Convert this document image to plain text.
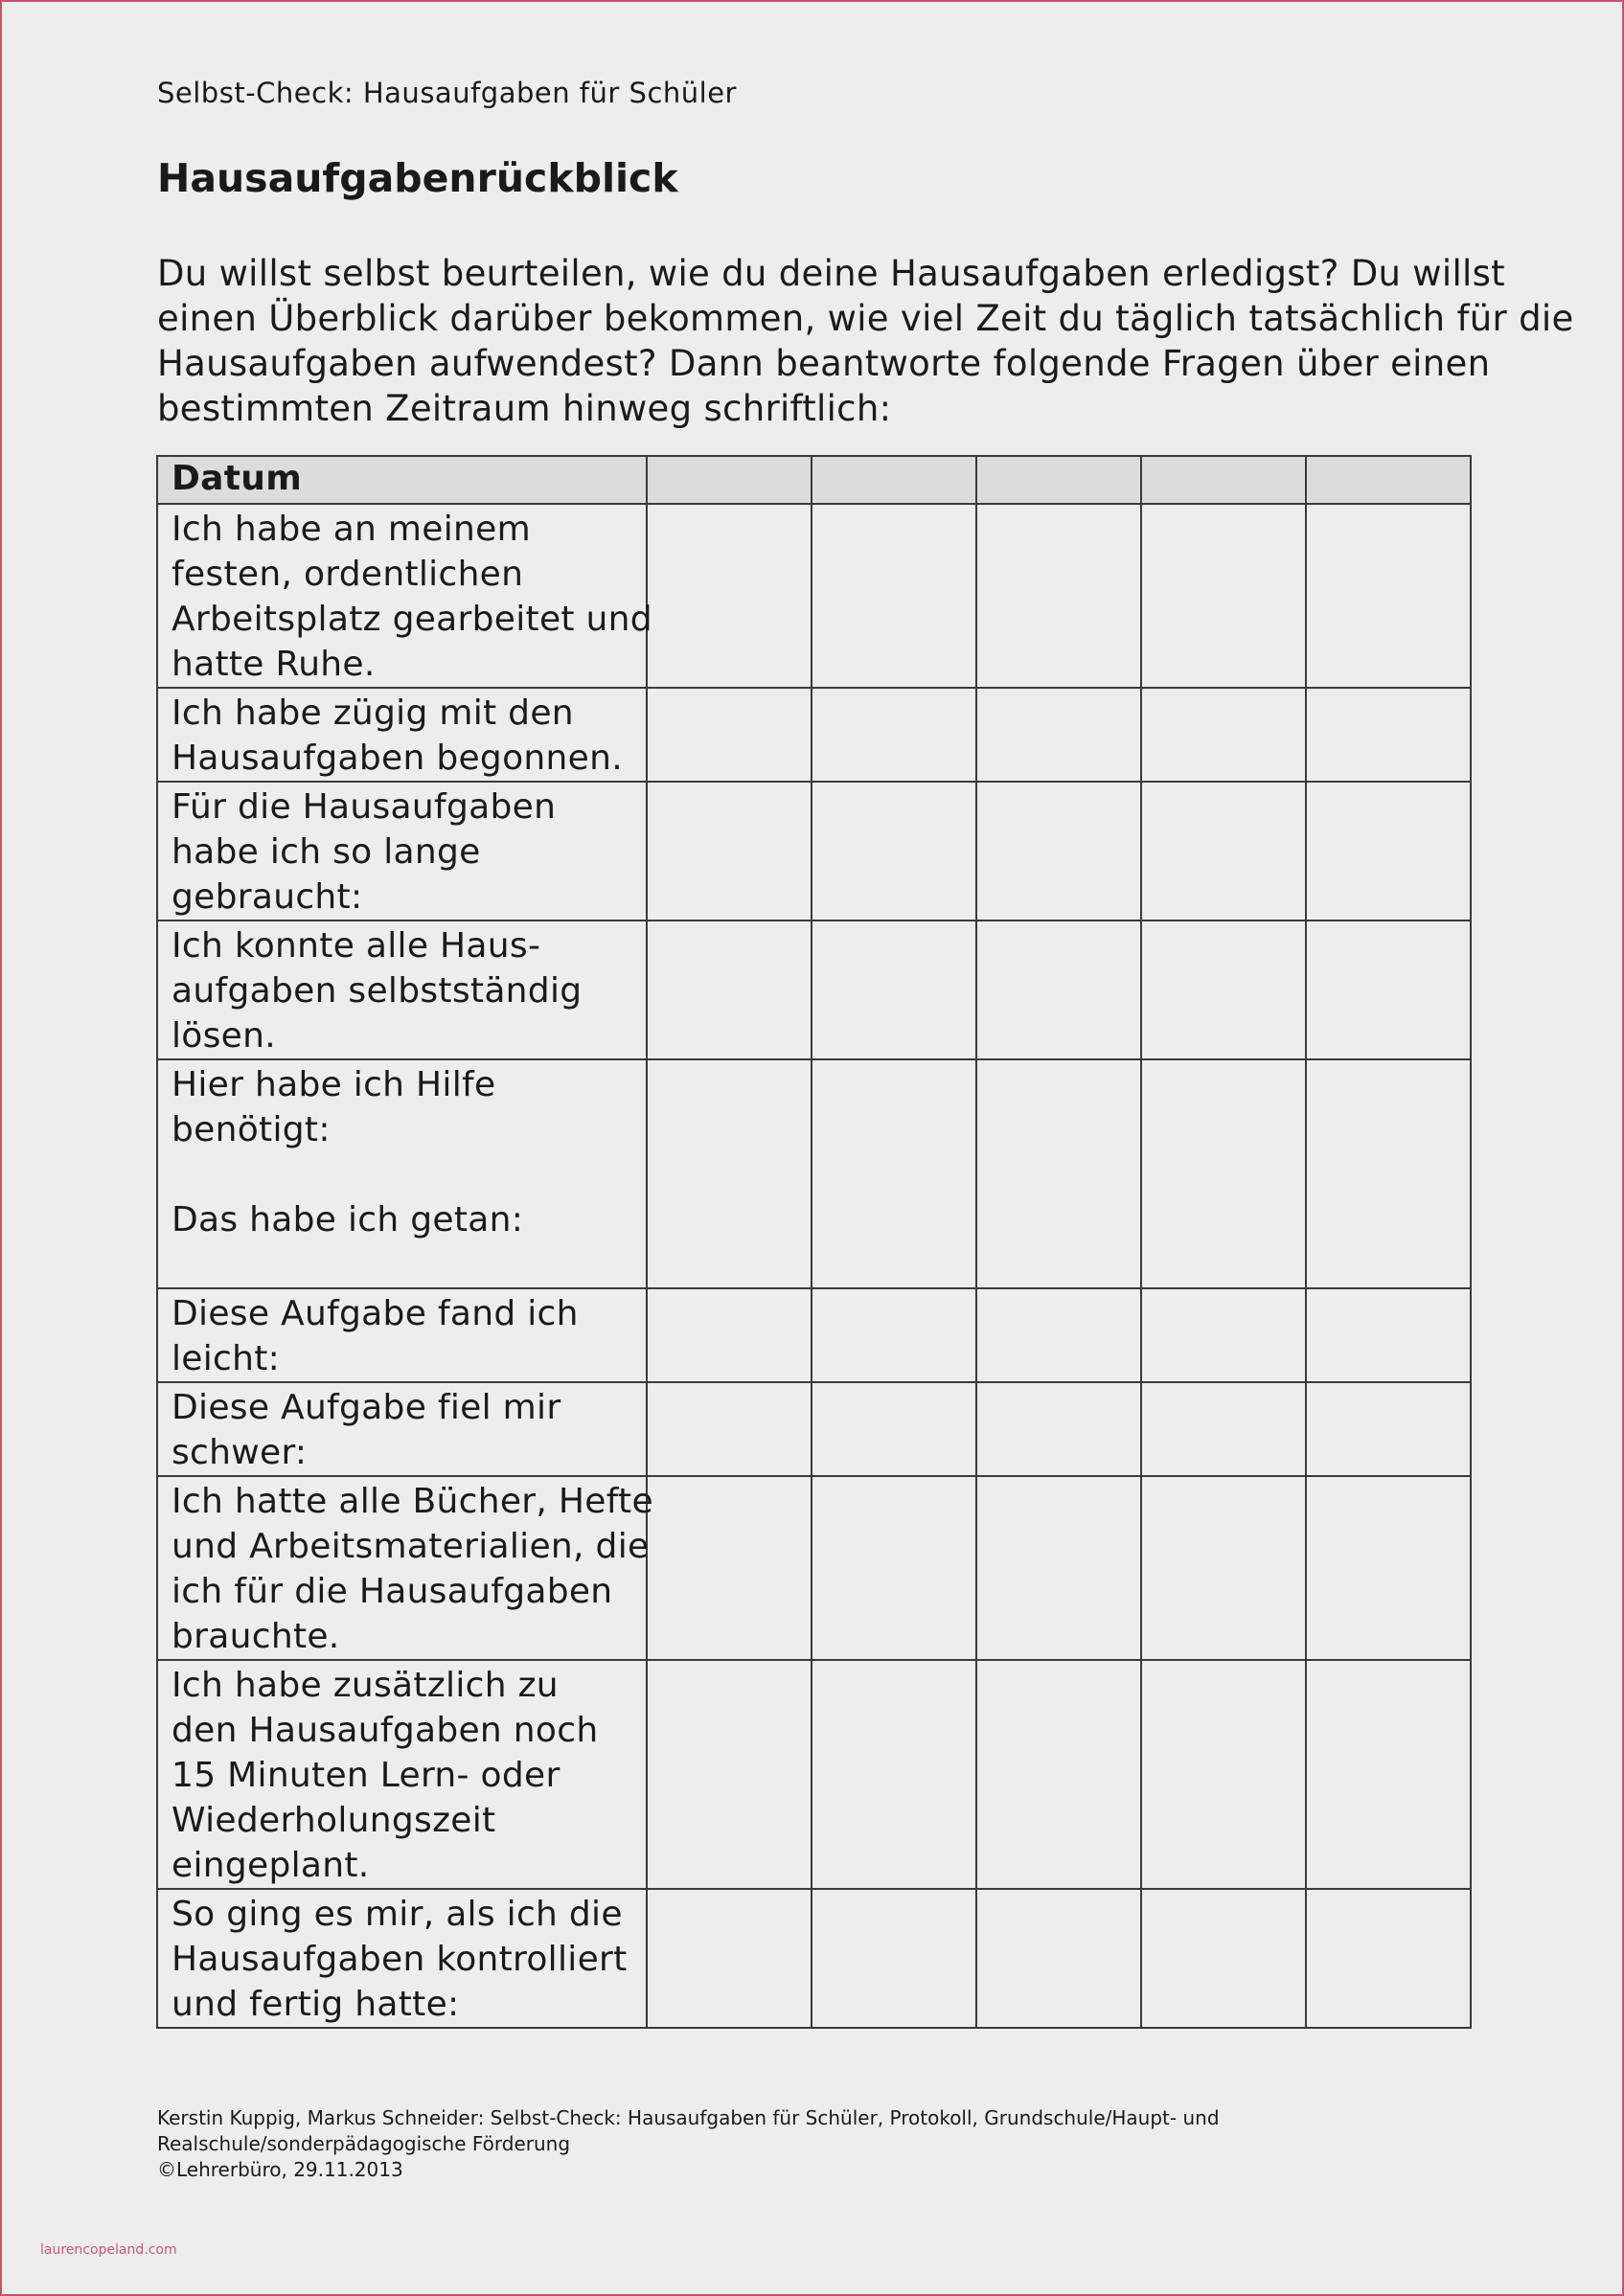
Selbst-Check: Hausaufgaben für Schüler
Hausaufgabenrückblick
Du willst selbst beurteilen, wie du deine Hausaufgaben erledigst? Du willst
einen Überblick darüber bekommen, wie viel Zeit du täglich tatsächlich für die
Hausaufgaben aufwendest? Dann beantworte folgende Fragen über einen
bestimmten Zeitraum hinweg schriftlich:
Datum					

Ich habe an meinem
festen, ordentlichen
Arbeitsplatz gearbeitet und
hatte Ruhe.					

Ich habe zügig mit den
Hausaufgaben begonnen.					

Für die Hausaufgaben
habe ich so lange
gebraucht:					

Ich konnte alle Haus-
aufgaben selbstständig
lösen.					

Hier habe ich Hilfe
benötigt:

Das habe ich getan:					

Diese Aufgabe fand ich
leicht:					

Diese Aufgabe fiel mir
schwer:					

Ich hatte alle Bücher, Hefte
und Arbeitsmaterialien, die
ich für die Hausaufgaben
brauchte.					

Ich habe zusätzlich zu
den Hausaufgaben noch
15 Minuten Lern- oder
Wiederholungszeit
eingeplant.					

So ging es mir, als ich die
Hausaufgaben kontrolliert
und fertig hatte:					

Kerstin Kuppig, Markus Schneider: Selbst-Check: Hausaufgaben für Schüler, Protokoll, Grundschule/Haupt- und
Realschule/sonderpädagogische Förderung
©Lehrerbüro, 29.11.2013
laurencopeland.com
